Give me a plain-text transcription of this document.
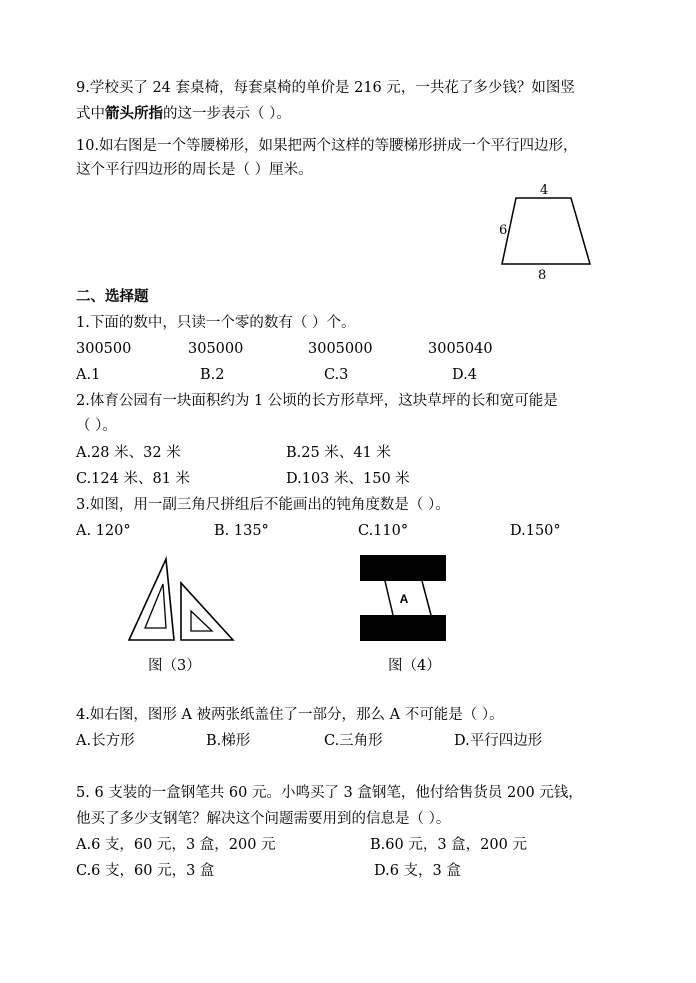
9.学校买了 24 套桌椅，每套桌椅的单价是 216 元，一共花了多少钱？如图竖
式中箭头所指的这一步表示（ ）。
10.如右图是一个等腰梯形，如果把两个这样的等腰梯形拼成一个平行四边形，
这个平行四边形的周长是（ ）厘米。
4
6
8
二、选择题
1.下面的数中，只读一个零的数有（ ）个。
300500	305000	3005000	3005040
A.1	B.2	C.3	D.4
2.体育公园有一块面积约为 1 公顷的长方形草坪，这块草坪的长和宽可能是
（ ）。
A.28 米、32 米	B.25 米、41 米
C.124 米、81 米	D.103 米、150 米
3.如图，用一副三角尺拼组后不能画出的钝角度数是（ ）。
A. 120°	B. 135°	C.110°	D.150°
图（3）
A
图（4）
4.如右图，图形 A 被两张纸盖住了一部分，那么 A 不可能是（ ）。
A.长方形	B.梯形	C.三角形	D.平行四边形
5. 6 支装的一盒钢笔共 60 元。小鸣买了 3 盒钢笔，他付给售货员 200 元钱，
他买了多少支钢笔？解决这个问题需要用到的信息是（ ）。
A.6 支，60 元，3 盒，200 元	B.60 元，3 盒，200 元
C.6 支，60 元，3 盒	D.6 支，3 盒
